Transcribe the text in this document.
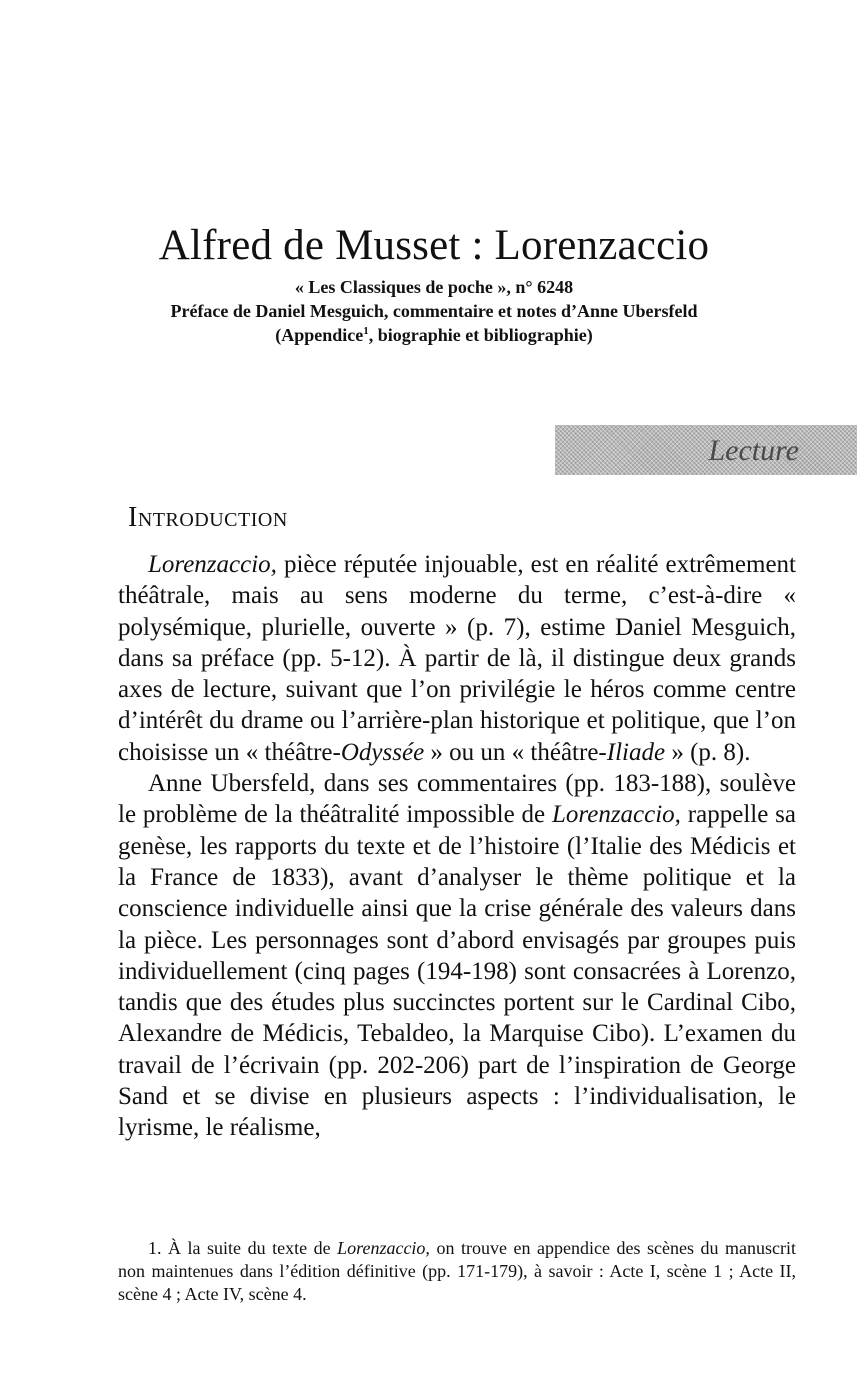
Alfred de Musset : Lorenzaccio
« Les Classiques de poche », n° 6248
Préface de Daniel Mesguich, commentaire et notes d’Anne Ubersfeld
(Appendice$^1$, biographie et bibliographie)
Lecture
Introduction

Lorenzaccio, pièce réputée injouable, est en réalité extrêmement théâtrale, mais au sens moderne du terme, c’est-à-dire « polysémique, plurielle, ouverte » (p. 7), estime Daniel Mesguich, dans sa préface (pp. 5-12). À partir de là, il distingue deux grands axes de lecture, suivant que l’on privilégie le héros comme centre d’intérêt du drame ou l’arrière-plan historique et politique, que l’on choisisse un « théâtre-Odyssée » ou un « théâtre-Iliade » (p. 8).

Anne Ubersfeld, dans ses commentaires (pp. 183-188), soulève le problème de la théâtralité impossible de Lorenzaccio, rappelle sa genèse, les rapports du texte et de l’histoire (l’Italie des Médicis et la France de 1833), avant d’analyser le thème politique et la conscience individuelle ainsi que la crise générale des valeurs dans la pièce. Les personnages sont d’abord envisagés par groupes puis individuellement (cinq pages (194-198) sont consacrées à Lorenzo, tandis que des études plus succinctes portent sur le Cardinal Cibo, Alexandre de Médicis, Tebaldeo, la Marquise Cibo). L’examen du travail de l’écrivain (pp. 202-206) part de l’inspiration de George Sand et se divise en plusieurs aspects : l’individualisation, le lyrisme, le réalisme,

1. À la suite du texte de Lorenzaccio, on trouve en appendice des scènes du manuscrit non maintenues dans l’édition définitive (pp. 171-179), à savoir : Acte I, scène 1 ; Acte II, scène 4 ; Acte IV, scène 4.
